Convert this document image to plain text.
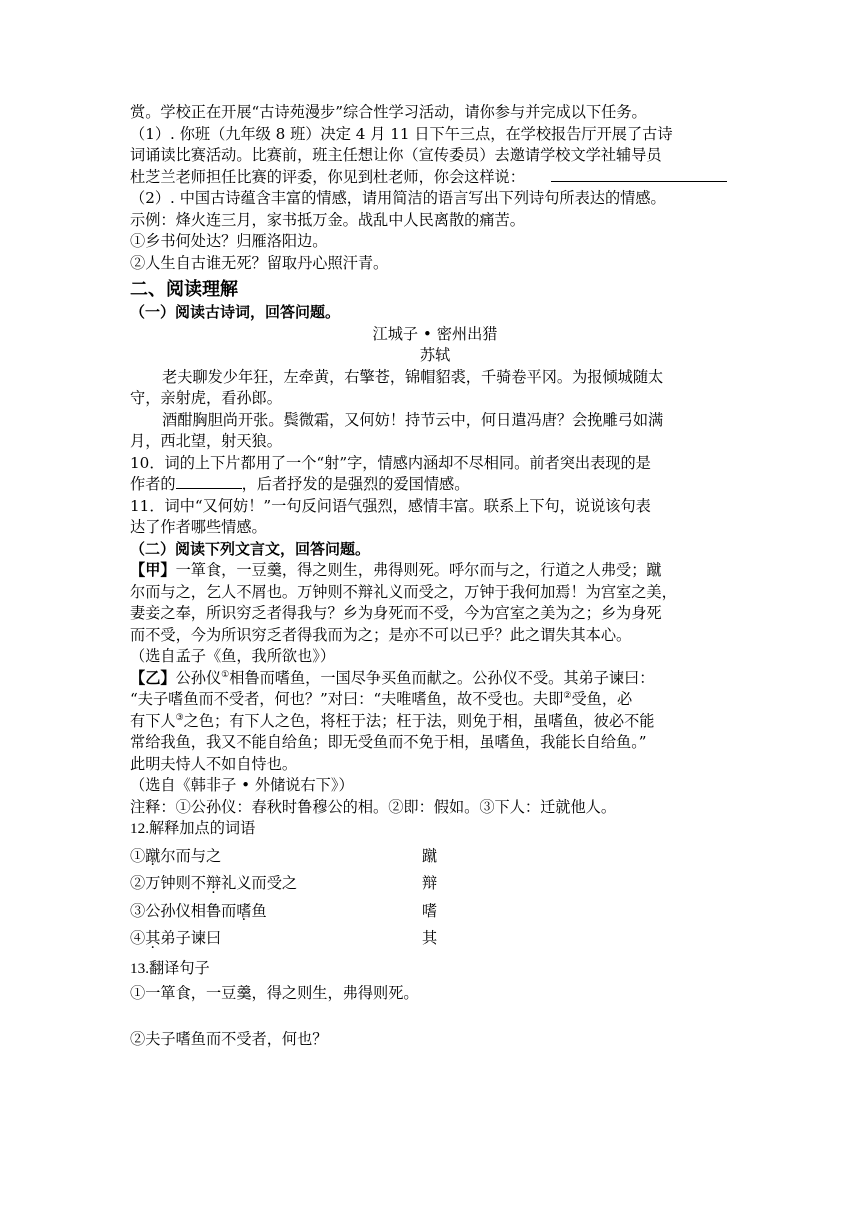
赏。学校正在开展“古诗苑漫步”综合性学习活动，请你参与并完成以下任务。
（1）. 你班（九年级 8 班）决定 4 月 11 日下午三点，在学校报告厅开展了古诗
词诵读比赛活动。比赛前，班主任想让你（宣传委员）去邀请学校文学社辅导员
杜芝兰老师担任比赛的评委，你见到杜老师，你会这样说：
（2）. 中国古诗蕴含丰富的情感，请用简洁的语言写出下列诗句所表达的情感。
示例：烽火连三月，家书抵万金。战乱中人民离散的痛苦。
①乡书何处达？归雁洛阳边。
②人生自古谁无死？留取丹心照汗青。
二、阅读理解
（一）阅读古诗词，回答问题。
江城子 • 密州出猎
苏轼
老夫聊发少年狂，左牵黄，右擎苍，锦帽貂裘，千骑卷平冈。为报倾城随太
守，亲射虎，看孙郎。
酒酣胸胆尚开张。鬓微霜，又何妨！持节云中，何日遣冯唐？会挽雕弓如满
月，西北望，射天狼。
10．词的上下片都用了一个“射”字，情感内涵却不尽相同。前者突出表现的是
作者的	，后者抒发的是强烈的爱国情感。
11．词中“又何妨！”一句反问语气强烈，感情丰富。联系上下句，说说该句表
达了作者哪些情感。
（二）阅读下列文言文，回答问题。
【甲】一箪食，一豆羹，得之则生，弗得则死。呼尔而与之，行道之人弗受；蹴
尔而与之，乞人不屑也。万钟则不辩礼义而受之，万钟于我何加焉！为宫室之美，
妻妾之奉，所识穷乏者得我与？乡为身死而不受，今为宫室之美为之；乡为身死
而不受，今为所识穷乏者得我而为之；是亦不可以已乎？此之谓失其本心。
（选自孟子《鱼，我所欲也》）
【乙】公孙仪①相鲁而嗜鱼，一国尽争买鱼而献之。公孙仪不受。其弟子谏曰：
“夫子嗜鱼而不受者，何也？”对曰：“夫唯嗜鱼，故不受也。夫即②受鱼，必
有下人③之色；有下人之色，将枉于法；枉于法，则免于相，虽嗜鱼，彼必不能
常给我鱼，我又不能自给鱼；即无受鱼而不免于相，虽嗜鱼，我能长自给鱼。”
此明夫恃人不如自恃也。
（选自《韩非子 • 外储说右下》）
注释：①公孙仪：春秋时鲁穆公的相。②即：假如。③下人：迁就他人。
12.解释加点的词语
①蹴尔而与之	蹴
②万钟则不辩礼义而受之	辩
③公孙仪相鲁而嗜鱼	嗜
④其弟子谏曰	其
13.翻译句子
①一箪食，一豆羹，得之则生，弗得则死。
②夫子嗜鱼而不受者，何也？
